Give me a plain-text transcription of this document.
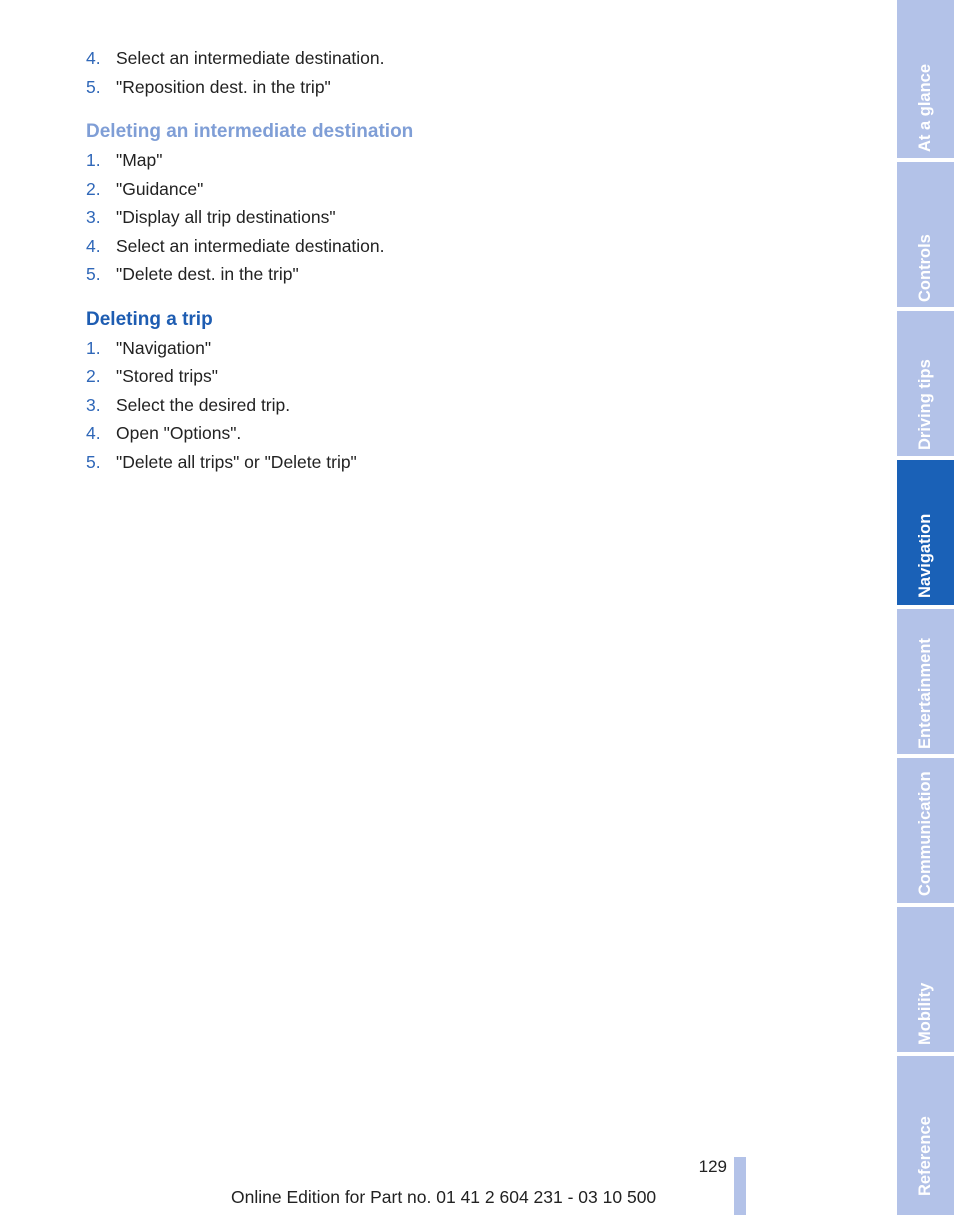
4. Select an intermediate destination.
5. "Reposition dest. in the trip"
Deleting an intermediate destination
1. "Map"
2. "Guidance"
3. "Display all trip destinations"
4. Select an intermediate destination.
5. "Delete dest. in the trip"
Deleting a trip
1. "Navigation"
2. "Stored trips"
3. Select the desired trip.
4. Open "Options".
5. "Delete all trips" or "Delete trip"
At a glance
Controls
Driving tips
Navigation
Entertainment
Communication
Mobility
Reference
129
Online Edition for Part no. 01 41 2 604 231 - 03 10 500
